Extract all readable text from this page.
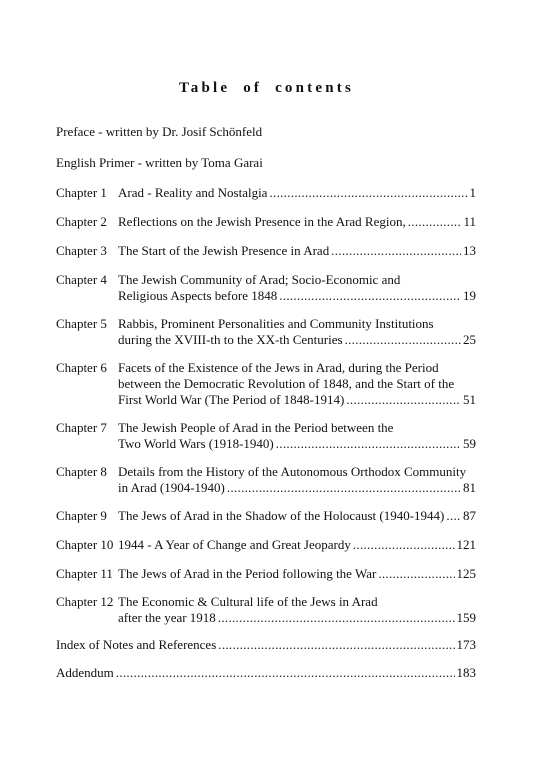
Table of contents
Preface - written by Dr. Josif Schönfeld
English Primer - written by Toma Garai
Chapter 1 Arad - Reality and Nostalgia .....	1
Chapter 2 Reflections on the Jewish Presence in the Arad Region, .....	11
Chapter 3 The Start of the Jewish Presence in Arad .....	13
Chapter 4 The Jewish Community of Arad; Socio-Economic and
Religious Aspects before 1848 .....	19
Chapter 5 Rabbis, Prominent Personalities and Community Institutions
during the XVIII-th to the XX-th Centuries .....	25
Chapter 6 Facets of the Existence of the Jews in Arad, during the Period
between the Democratic Revolution of 1848, and the Start of the
First World War (The Period of 1848-1914) .....	51
Chapter 7 The Jewish People of Arad in the Period between the
Two World Wars (1918-1940) .....	59
Chapter 8 Details from the History of the Autonomous Orthodox Community
in Arad (1904-1940) .....	81
Chapter 9 The Jews of Arad in the Shadow of the Holocaust (1940-1944) ..... 87
Chapter 10 1944 - A Year of Change and Great Jeopardy .....	121
Chapter 11 The Jews of Arad in the Period following the War .....	125
Chapter 12 The Economic & Cultural life of the Jews in Arad
after the year 1918 .....	159
Index of Notes and References .....	173
Addendum .....	183
